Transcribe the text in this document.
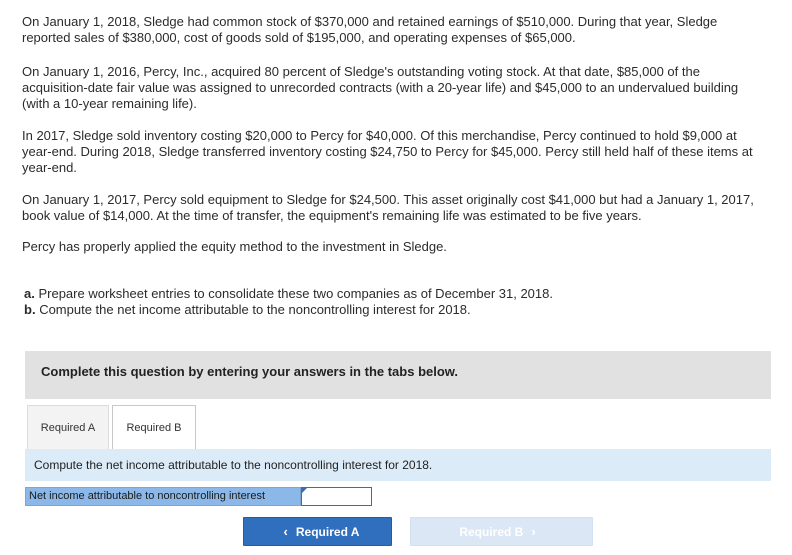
On January 1, 2018, Sledge had common stock of $370,000 and retained earnings of $510,000. During that year, Sledge reported sales of $380,000, cost of goods sold of $195,000, and operating expenses of $65,000.

On January 1, 2016, Percy, Inc., acquired 80 percent of Sledge's outstanding voting stock. At that date, $85,000 of the acquisition-date fair value was assigned to unrecorded contracts (with a 20-year life) and $45,000 to an undervalued building (with a 10-year remaining life).

In 2017, Sledge sold inventory costing $20,000 to Percy for $40,000. Of this merchandise, Percy continued to hold $9,000 at year-end. During 2018, Sledge transferred inventory costing $24,750 to Percy for $45,000. Percy still held half of these items at year-end.

On January 1, 2017, Percy sold equipment to Sledge for $24,500. This asset originally cost $41,000 but had a January 1, 2017, book value of $14,000. At the time of transfer, the equipment's remaining life was estimated to be five years.

Percy has properly applied the equity method to the investment in Sledge.

a. Prepare worksheet entries to consolidate these two companies as of December 31, 2018.
b. Compute the net income attributable to the noncontrolling interest for 2018.
Complete this question by entering your answers in the tabs below.
Required A	Required B
Compute the net income attributable to the noncontrolling interest for 2018.
Net income attributable to noncontrolling interest
‹ Required A	Required B ›
